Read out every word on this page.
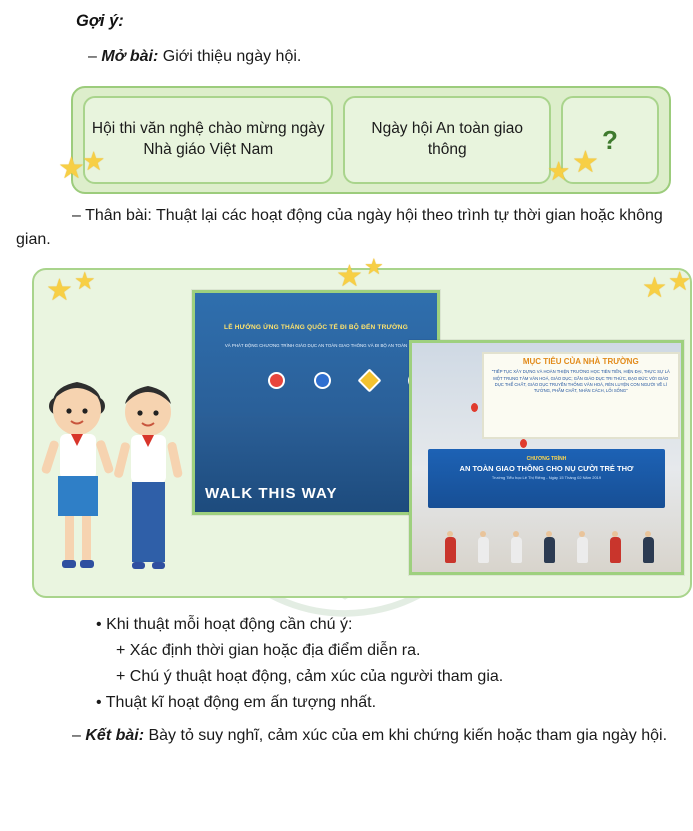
Gợi ý:
– Mở bài: Giới thiệu ngày hội.
Hội thi văn nghệ chào mừng ngày Nhà giáo Việt Nam
Ngày hội An toàn giao thông	?
★
★
★ ★
★ ★
– Thân bài: Thuật lại các hoạt động của ngày hội theo trình tự thời gian hoặc không gian.
LỄ HƯỞNG ỨNG THÁNG QUỐC TẾ ĐI BỘ ĐẾN TRƯỜNG
VÀ PHÁT ĐỘNG CHƯƠNG TRÌNH GIÁO DỤC AN TOÀN GIAO THÔNG VÀ ĐI BỘ AN TOÀN
WALK THIS WAY
MỤC TIÊU CỦA NHÀ TRƯỜNG
"TIẾP TỤC XÂY DỰNG VÀ HOÀN THIỆN TRƯỜNG HỌC TIÊN TIẾN, HIỆN ĐẠI, THỰC SỰ LÀ MỘT TRUNG TÂM VĂN HOÁ, GIÁO DỤC; GẮN GIÁO DỤC TRI THỨC, ĐẠO ĐỨC VỚI GIÁO DỤC THỂ CHẤT, GIÁO DỤC TRUYỀN THỐNG VĂN HOÁ, RÈN LUYỆN CON NGƯỜI VỀ LÍ TƯỞNG, PHẨM CHẤT, NHÂN CÁCH, LỐI SỐNG"
CHƯƠNG TRÌNH
AN TOÀN GIAO THÔNG CHO NỤ CƯỜI TRẺ THƠ
Trường Tiểu học Lê Thị Riêng - Ngày 15 Tháng 02 Năm 2019
★ ★	★ ★
• Khi thuật mỗi hoạt động cần chú ý:
+ Xác định thời gian hoặc địa điểm diễn ra.
+ Chú ý thuật hoạt động, cảm xúc của người tham gia.
• Thuật kĩ hoạt động em ấn tượng nhất.
– Kết bài: Bày tỏ suy nghĩ, cảm xúc của em khi chứng kiến hoặc tham gia ngày hội.
